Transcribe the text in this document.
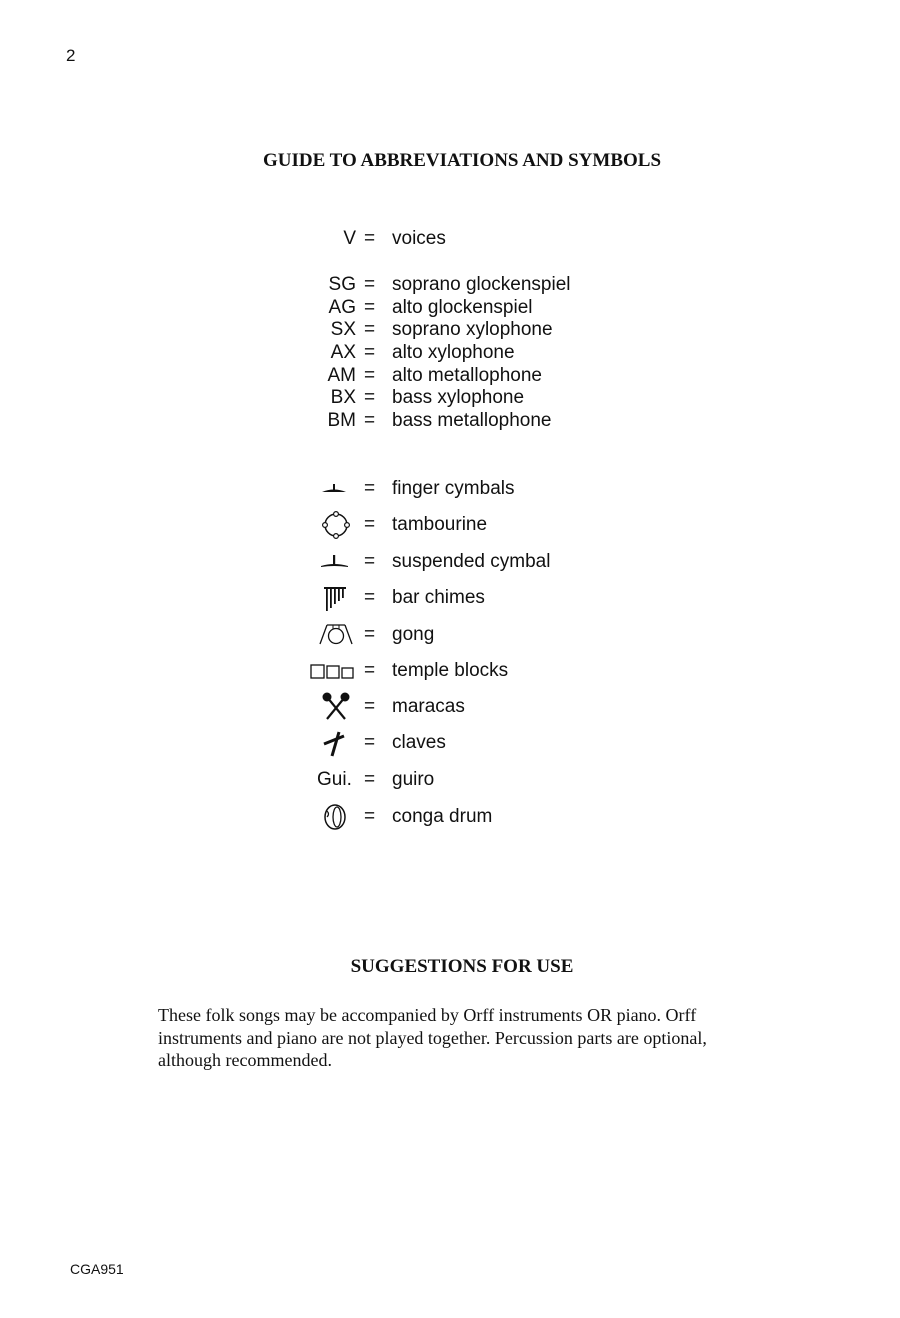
2
GUIDE TO ABBREVIATIONS AND SYMBOLS
V = voices
SG = soprano glockenspiel
AG = alto glockenspiel
SX = soprano xylophone
AX = alto xylophone
AM = alto metallophone
BX = bass xylophone
BM = bass metallophone
= finger cymbals
= tambourine
= suspended cymbal
= bar chimes
= gong
= temple blocks
= maracas
= claves
Gui. = guiro
= conga drum
SUGGESTIONS FOR USE
These folk songs may be accompanied by Orff instruments OR piano. Orff
instruments and piano are not played together. Percussion parts are optional,
although recommended.
CGA951
